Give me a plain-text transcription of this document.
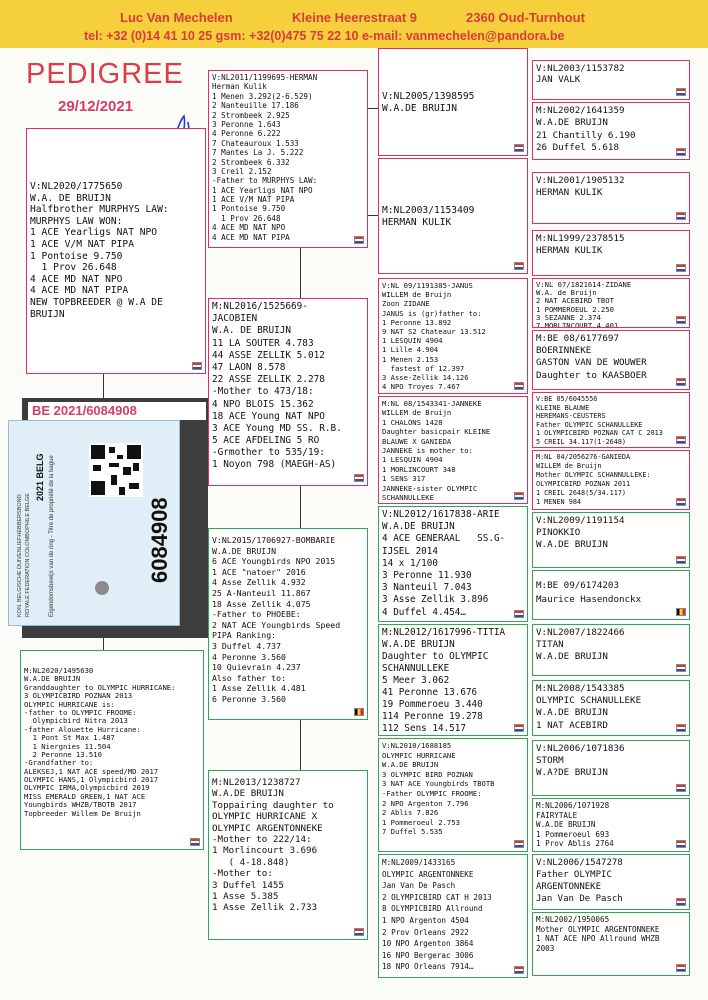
Luc Van Mechelen	Kleine Heerestraat 9	2360 Oud-Turnhout
tel: +32 (0)14 41 10 25 gsm: +32(0)475 75 22 10 e-mail: vanmechelen@pandora.be
PEDIGREE
29/12/2021
V:NL2020/1775650
W.A. DE BRUIJN
Halfbrother MURPHYS LAW:
MURPHYS LAW WON:
1 ACE Yearligs NAT NPO
1 ACE V/M NAT PIPA
1 Pontoise 9.750
1 Prov 26.648
4 ACE MD NAT NPO
4 ACE MD NAT PIPA
NEW TOPBREEDER @ W.A DE
BRUIJN
BE 2021/6084908
KON. BELGISCHE DUIVENLIEFHEBBERSBOND ROYALE FEDERATION COLOMBOPHILE BELGE	Eigendomsbewijs van de ring - Titre de propriété de la bague
2021 BELG
6084908
M:NL2020/1495630
W.A.DE BRUIJN
Granddaughter to OLYMPIC HURRICANE:
3 OLYMPICBIRD POZNAN 2013
OLYMPIC HURRICANE is:
-father to OLYMPIC FROOME:
Olympicbird Nitra 2013
-father Alouette Hurricane:
1 Pont St Max 1.487
1 Niergnies 11.504
2 Peronne 13.510
-Grandfather to:
ALEKSEJ,1 NAT ACE speed/MD 2017
OLYMPIC HANS,1 Olympicbird 2017
OLYMPIC IRMA,Olympicbird 2019
MISS EMERALD GREEN,1 NAT ACE
Youngbirds WHZB/TBOTB 2017
Topbreeder Willem De Bruijn
V:NL2011/1199695-HERMAN
Herman Kulik
1 Menen 3.292(2-6.529)
2 Nanteuille 17.186
2 Strombeek 2.925
3 Peronne 1.643
4 Peronne 6.222
7 Chateauroux 1.533
7 Mantes La J. 5.222
2 Strombeek 6.332
3 Creil 2.152
-Father to MURPHYS LAW:
1 ACE Yearligs NAT NPO
1 ACE V/M NAT PIPA
1 Pontoise 9.750
1 Prov 26.648
4 ACE MD NAT NPO
4 ACE MD NAT PIPA
M:NL2016/1525669-
JACOBIEN
W.A. DE BRUIJN
11 LA SOUTER 4.783
44 ASSE ZELLIK 5.012
47 LAON 8.578
22 ASSE ZELLIK 2.278
-Mother to 473/18:
4 NPO BLOIS 15.362
18 ACE Young NAT NPO
3 ACE Young MD SS. R.B.
5 ACE AFDELING 5 RO
-Grmother to 535/19:
1 Noyon 798 (MAEGH-AS)
V:NL2015/1706927-BOMBARIE
W.A.DE BRUIJN
6 ACE Youngbirds NPO 2015
1 ACE "natoer" 2016
4 Asse Zellik 4.932
25 A-Nanteuil 11.867
18 Asse Zellik 4.075
-Father to PHOEBE:
2 NAT ACE Youngbirds Speed
PIPA Ranking:
3 Duffel 4.737
4 Peronne 3.560
10 Quievrain 4.237
Also father to:
1 Asse Zellik 4.481
6 Peronne 3.560
M:NL2013/1238727
W.A.DE BRUIJN
Toppairing daughter to
OLYMPIC HURRICANE X
OLYMPIC ARGENTONNEKE
-Mother to 222/14:
1 Morlincourt 3.696
( 4-18.848)
-Mother to:
3 Duffel 1455
1 Asse 5.385
1 Asse Zellik 2.733
V:NL2005/1398595
W.A.DE BRUIJN
M:NL2003/1153409
HERMAN KULIK
V:NL 09/1191385-JANUS
WILLEM de Bruijn
Zoon ZIDANE
JANUS is (gr)father to:
1 Peronne 13.892
9 NAT S2 Chateaur 13.512
1 LESQUIN 4904
1 Lille 4.904
1 Menen 2.153
fastest of 12.397
3 Asse-Zellik 14.126
4 NPO Troyes 7.467
M:NL 08/1543341-JANNEKE
WILLEM de Bruijn
1 CHALONS 1428
Daughter basicpair KLEINE
BLAUWE X GANIEDA
JANNEKE is mother to:
1 LESQUIN 4904
1 MORLINCOURT 348
1 SENS 317
JANNEKE-sister OLYMPIC
SCHANNULLEKE
V:NL2012/1617838-ARIE
W.A.DE BRUIJN
4 ACE GENERAAL   SS.G-
IJSEL 2014
14 x 1/100
3 Peronne 11.930
3 Nanteuil 7.043
3 Asse Zellik 3.896
4 Duffel 4.454…
M:NL2012/1617996-TITIA
W.A.DE BRUIJN
Daughter to OLYMPIC
SCHANNULLEKE
5 Meer 3.062
41 Peronne 13.676
19 Pommeroeu 3.440
114 Peronne 19.278
112 Sens 14.517
V:NL2010/1688185
OLYMPIC HURRICANE
W.A.DE BRUIJN
3 OLYMPIC BIRD POZNAN
3 NAT ACE Youngbirds TBOTB
-Father OLYMPIC FROOME:
2 NPO Argenton 7.796
2 Ablis 7.826
1 Pommeroeul 2.753
7 Duffel 5.535
M:NL2009/1433165
OLYMPIC ARGENTONNEKE
Jan Van De Pasch
2 OLYMPICBIRD CAT H 2013
8 OLYMPICBIRD Allround
1 NPO Argenton 4504
2 Prov Orleans 2922
10 NPO Argenton 3864
16 NPO Bergerac 3006
18 NPO Orleans 7914…
V:NL2003/1153782
JAN VALK
M:NL2002/1641359
W.A.DE BRUIJN
21 Chantilly 6.190
26 Duffel 5.618
V:NL2001/1905132
HERMAN KULIK
M:NL1999/2378515
HERMAN KULIK
V:NL 07/1821614-ZIDANE
W.A. de Bruijn
2 NAT ACEBIRD TBOT
1 POMMEROEUL 2.250
3 SEZANNE 2.374
7 MORLINCOURT 4.401
M:BE 08/6177697
BOERINNEKE
GASTON VAN DE WOUWER
Daughter to KAASBOER
V:BE 05/6045556
KLEINE BLAUWE
HEREMANS-CEUSTERS
Father OLYMPIC SCHANULLEKE
1 OLYMPICBIRD POZNAN CAT C 2013
5 CREIL 34.117(1-2648)
M:NL 04/2056276-GANIEDA
WILLEM de Bruijn
Mother OLYMPIC SCHANNULLEKE:
OLYMPICBIRD POZNAN 2011
1 CREIL 2648(5/34.117)
1 MENEN 984
V:NL2009/1191154
PINOKKIO
W.A.DE BRUIJN
M:BE 09/6174203
Maurice Hasendonckx
V:NL2007/1822466
TITAN
W.A.DE BRUIJN
M:NL2008/1543385
OLYMPIC SCHANULLEKE
W.A.DE BRUIJN
1 NAT ACEBIRD
V:NL2006/1071836
STORM
W.A?DE BRUIJN
M:NL2006/1071928
FAIRYTALE
W.A.DE BRUIJN
1 Pommeroeul 693
1 Prov Ablis 2764
V:NL2006/1547278
Father OLYMPIC
ARGENTONNEKE
Jan Van De Pasch
M:NL2002/1950065
Mother OLYMPIC ARGENTONNEKE
1 NAT ACE NPO Allround WHZB
2003
